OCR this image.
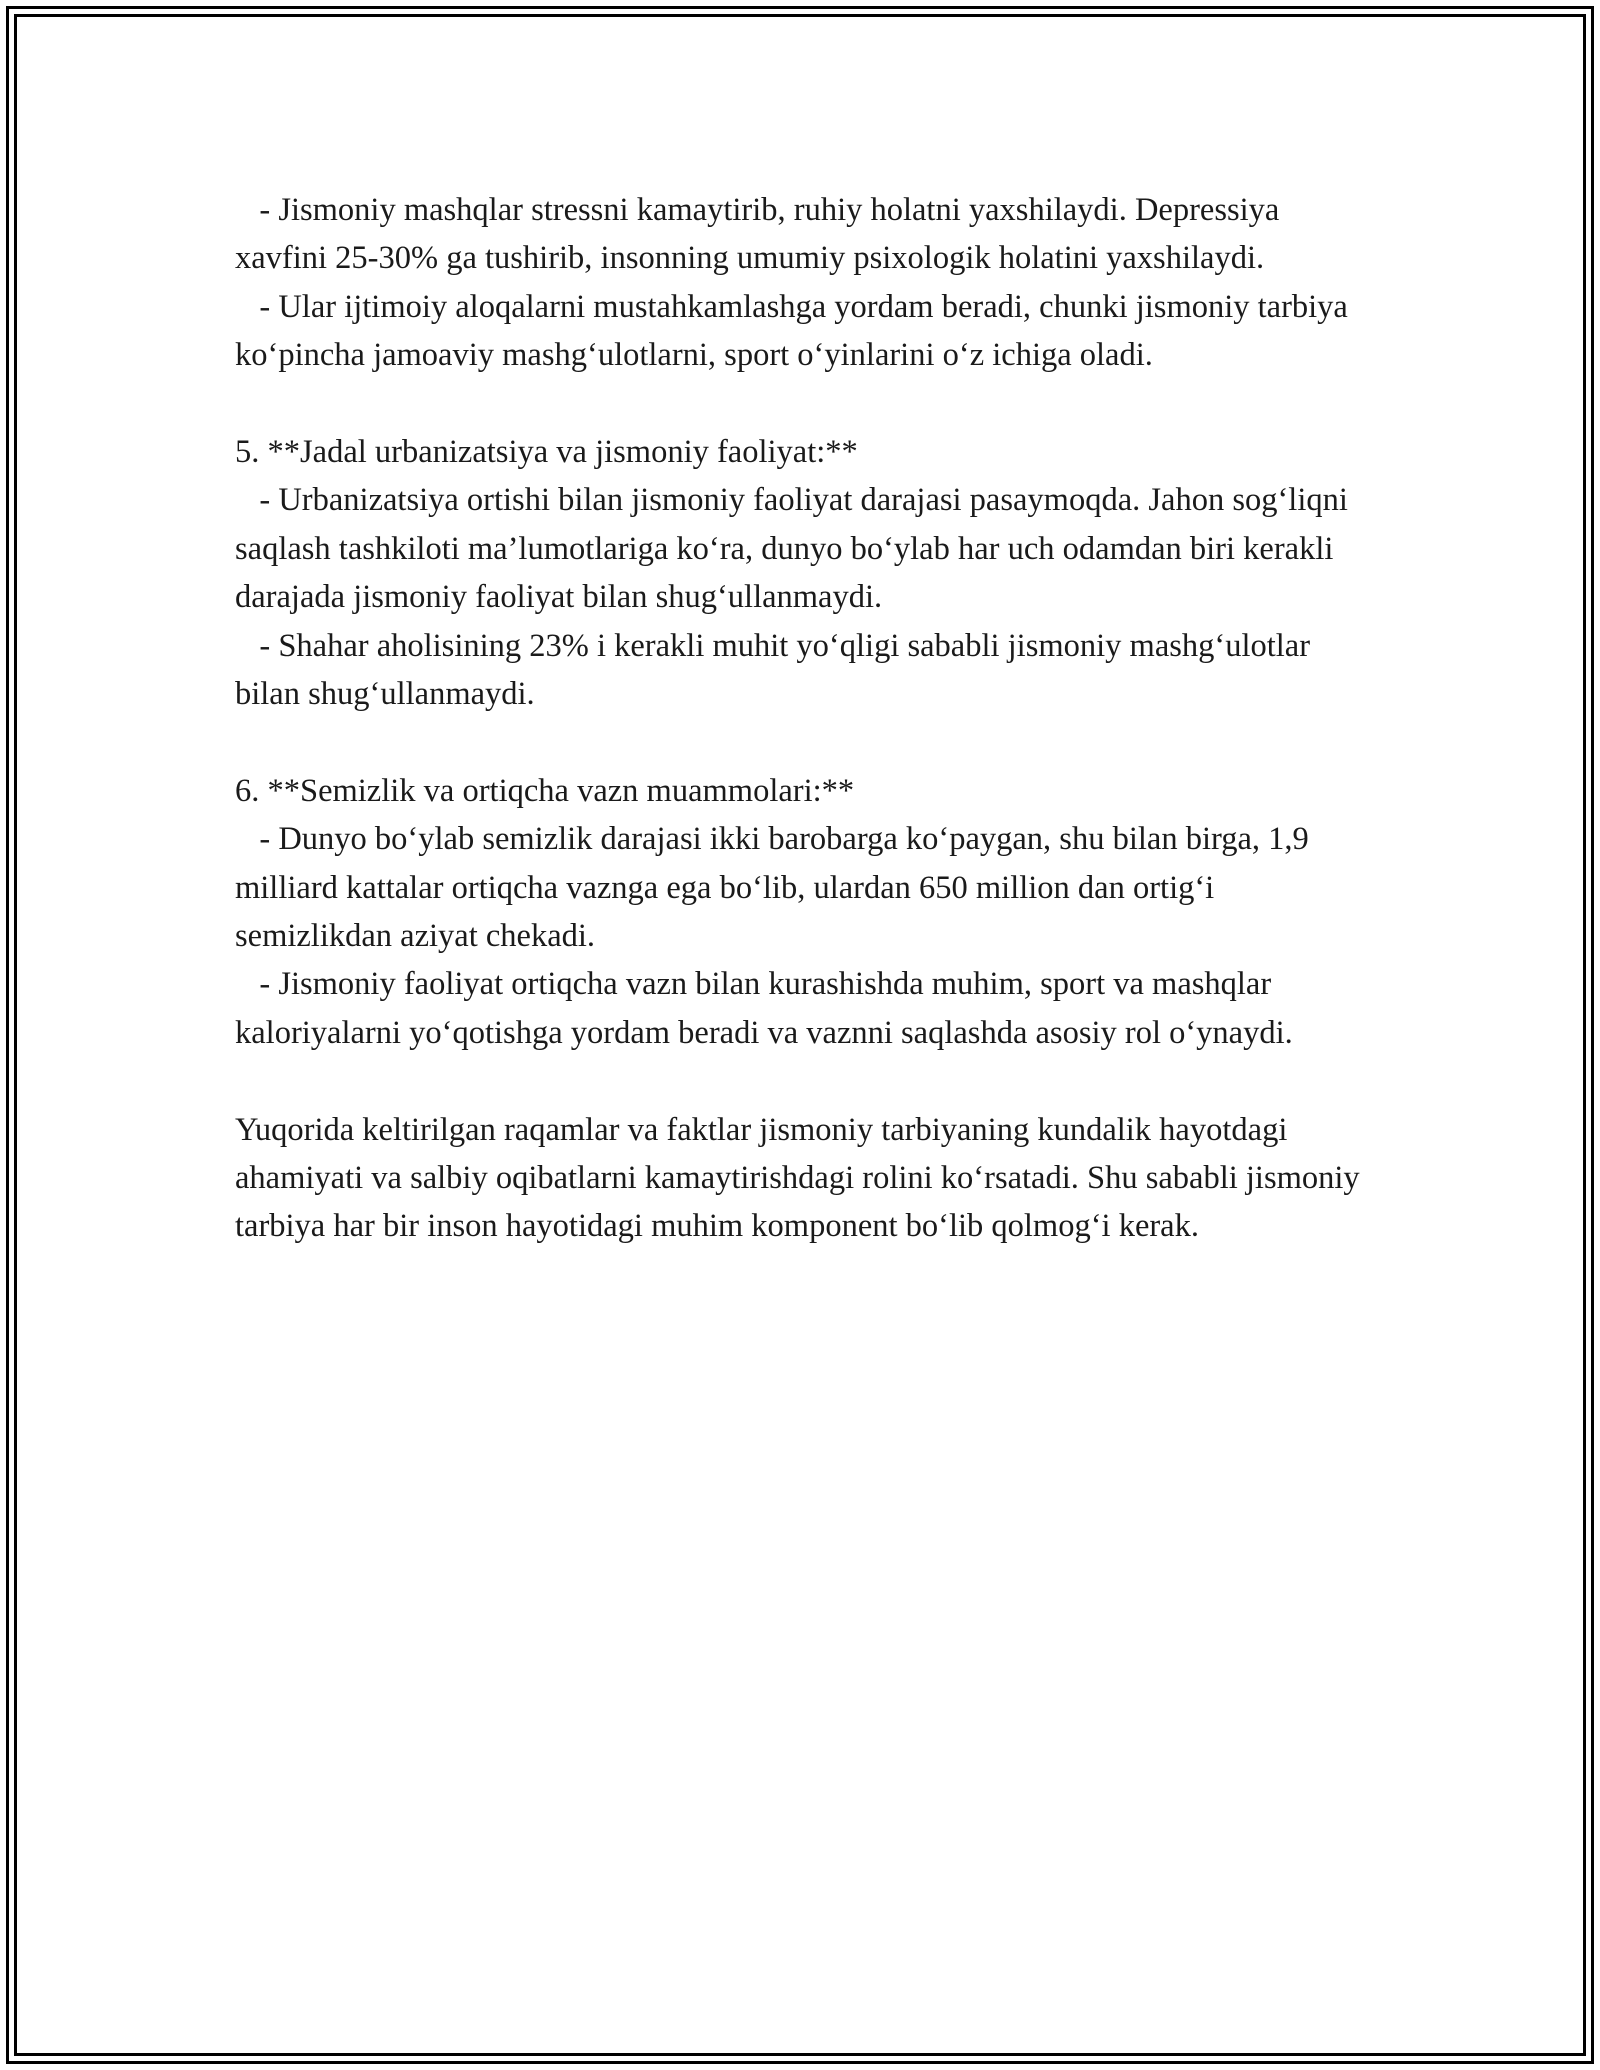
- Jismoniy mashqlar stressni kamaytirib, ruhiy holatni yaxshilaydi. Depressiya xavfini 25-30% ga tushirib, insonning umumiy psixologik holatini yaxshilaydi.

- Ular ijtimoiy aloqalarni mustahkamlashga yordam beradi, chunki jismoniy tarbiya ko‘pincha jamoaviy mashg‘ulotlarni, sport o‘yinlarini o‘z ichiga oladi.

5. **Jadal urbanizatsiya va jismoniy faoliyat:**

- Urbanizatsiya ortishi bilan jismoniy faoliyat darajasi pasaymoqda. Jahon sog‘liqni saqlash tashkiloti ma’lumotlariga ko‘ra, dunyo bo‘ylab har uch odamdan biri kerakli darajada jismoniy faoliyat bilan shug‘ullanmaydi.

- Shahar aholisining 23% i kerakli muhit yo‘qligi sababli jismoniy mashg‘ulotlar bilan shug‘ullanmaydi.

6. **Semizlik va ortiqcha vazn muammolari:**

- Dunyo bo‘ylab semizlik darajasi ikki barobarga ko‘paygan, shu bilan birga, 1,9 milliard kattalar ortiqcha vaznga ega bo‘lib, ulardan 650 million dan ortig‘i semizlikdan aziyat chekadi.

- Jismoniy faoliyat ortiqcha vazn bilan kurashishda muhim, sport va mashqlar kaloriyalarni yo‘qotishga yordam beradi va vaznni saqlashda asosiy rol o‘ynaydi.

Yuqorida keltirilgan raqamlar va faktlar jismoniy tarbiyaning kundalik hayotdagi ahamiyati va salbiy oqibatlarni kamaytirishdagi rolini ko‘rsatadi. Shu sababli jismoniy tarbiya har bir inson hayotidagi muhim komponent bo‘lib qolmog‘i kerak.
